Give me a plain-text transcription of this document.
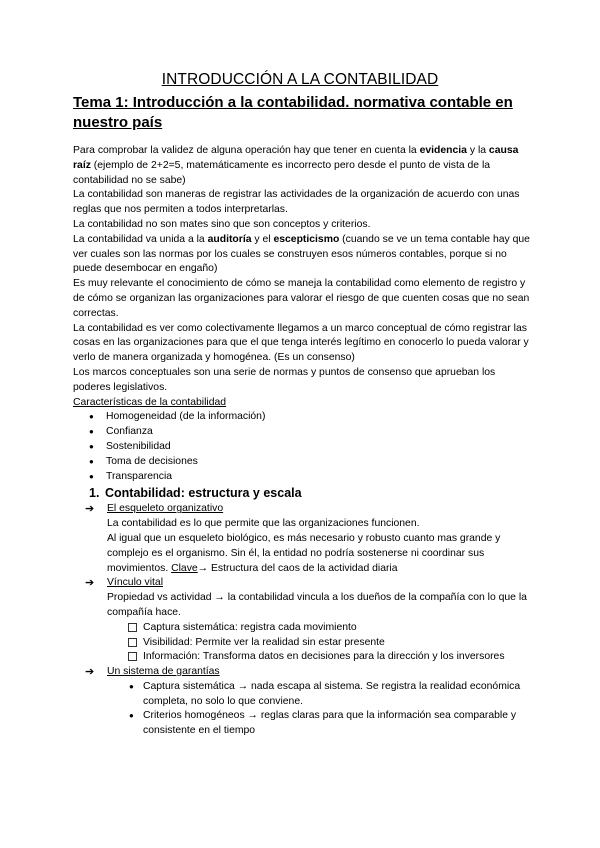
INTRODUCCIÓN A LA CONTABILIDAD
Tema 1: Introducción a la contabilidad. normativa contable en nuestro país

Para comprobar la validez de alguna operación hay que tener en cuenta la evidencia y la causa raíz (ejemplo de 2+2=5, matemáticamente es incorrecto pero desde el punto de vista de la contabilidad no se sabe)

La contabilidad son maneras de registrar las actividades de la organización de acuerdo con unas reglas que nos permiten a todos interpretarlas.

La contabilidad no son mates sino que son conceptos y criterios.

La contabilidad va unida a la auditoría y el escepticismo (cuando se ve un tema contable hay que ver cuales son las normas por los cuales se construyen esos números contables, porque si no puede desembocar en engaño)

Es muy relevante el conocimiento de cómo se maneja la contabilidad como elemento de registro y de cómo se organizan las organizaciones para valorar el riesgo de que cuenten cosas que no sean correctas.

La contabilidad es ver como colectivamente llegamos a un marco conceptual de cómo registrar las cosas en las organizaciones para que el que tenga interés legítimo en conocerlo lo pueda valorar y verlo de manera organizada y homogénea. (Es un consenso)

Los marcos conceptuales son una serie de normas y puntos de consenso que aprueban los poderes legislativos.

Características de la contabilidad

● Homogeneidad (de la información)
● Confianza
● Sostenibilidad
● Toma de decisiones
● Transparencia
1. Contabilidad: estructura y escala
➔ El esqueleto organizativo

La contabilidad es lo que permite que las organizaciones funcionen.

Al igual que un esqueleto biológico, es más necesario y robusto cuanto mas grande y complejo es el organismo. Sin él, la entidad no podría sostenerse ni coordinar sus movimientos. Clave→ Estructura del caos de la actividad diaria

➔ Vínculo vital

Propiedad vs actividad → la contabilidad vincula a los dueños de la compañía con lo que la compañía hace.

Captura sistemática: registra cada movimiento
Visibilidad: Permite ver la realidad sin estar presente
Información: Transforma datos en decisiones para la dirección y los inversores
➔ Un sistema de garantías
● Captura sistemática → nada escapa al sistema. Se registra la realidad económica completa, no solo lo que conviene.
● Criterios homogéneos → reglas claras para que la información sea comparable y consistente en el tiempo
